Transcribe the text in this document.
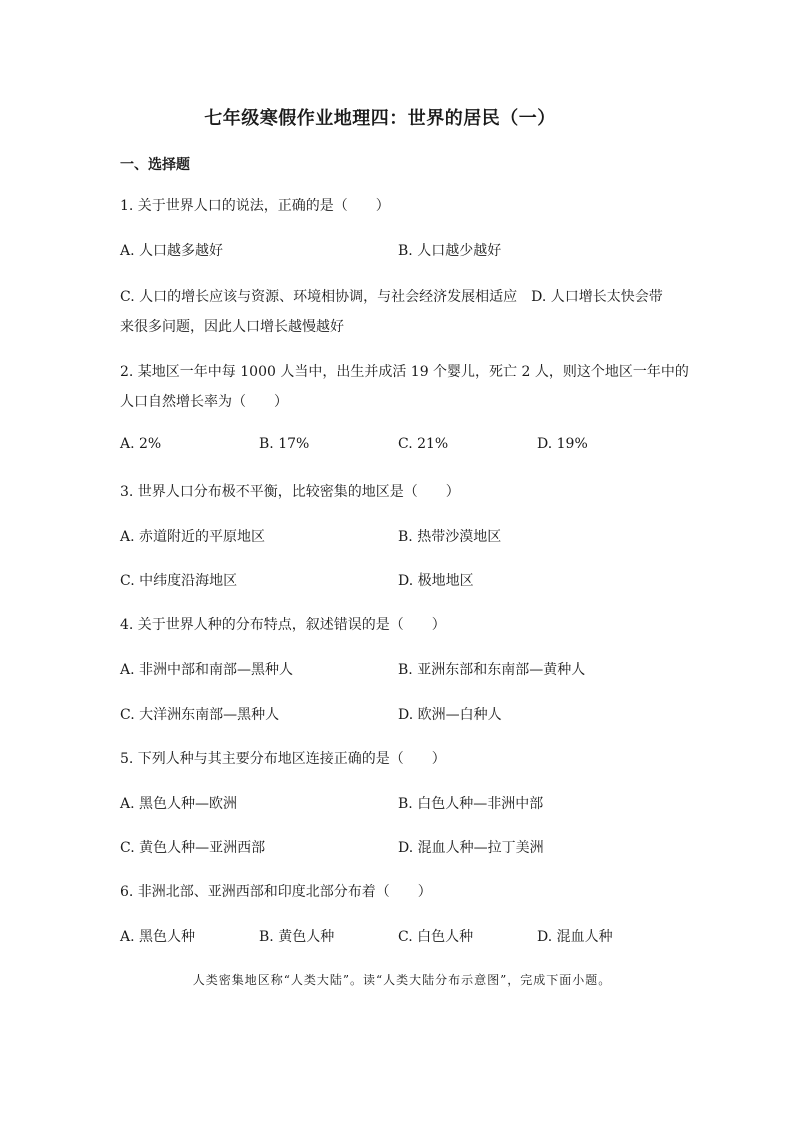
七年级寒假作业地理四：世界的居民（一）
一、选择题
1. 关于世界人口的说法，正确的是（　　）
A. 人口越多越好	B. 人口越少越好
C. 人口的增长应该与资源、环境相协调，与社会经济发展相适应　D. 人口增长太快会带
来很多问题，因此人口增长越慢越好
2. 某地区一年中每 1000 人当中，出生并成活 19 个婴儿，死亡 2 人，则这个地区一年中的
人口自然增长率为（　　）
A. 2%	B. 17%	C. 21%	D. 19%
3. 世界人口分布极不平衡，比较密集的地区是（　　）
A. 赤道附近的平原地区	B. 热带沙漠地区
C. 中纬度沿海地区	D. 极地地区
4. 关于世界人种的分布特点，叙述错误的是（　　）
A. 非洲中部和南部—黑种人	B. 亚洲东部和东南部—黄种人
C. 大洋洲东南部—黑种人	D. 欧洲—白种人
5. 下列人种与其主要分布地区连接正确的是（　　）
A. 黑色人种—欧洲	B. 白色人种—非洲中部
C. 黄色人种—亚洲西部	D. 混血人种—拉丁美洲
6. 非洲北部、亚洲西部和印度北部分布着（　　）
A. 黑色人种	B. 黄色人种	C. 白色人种	D. 混血人种
人类密集地区称“人类大陆”。读“人类大陆分布示意图”，完成下面小题。
